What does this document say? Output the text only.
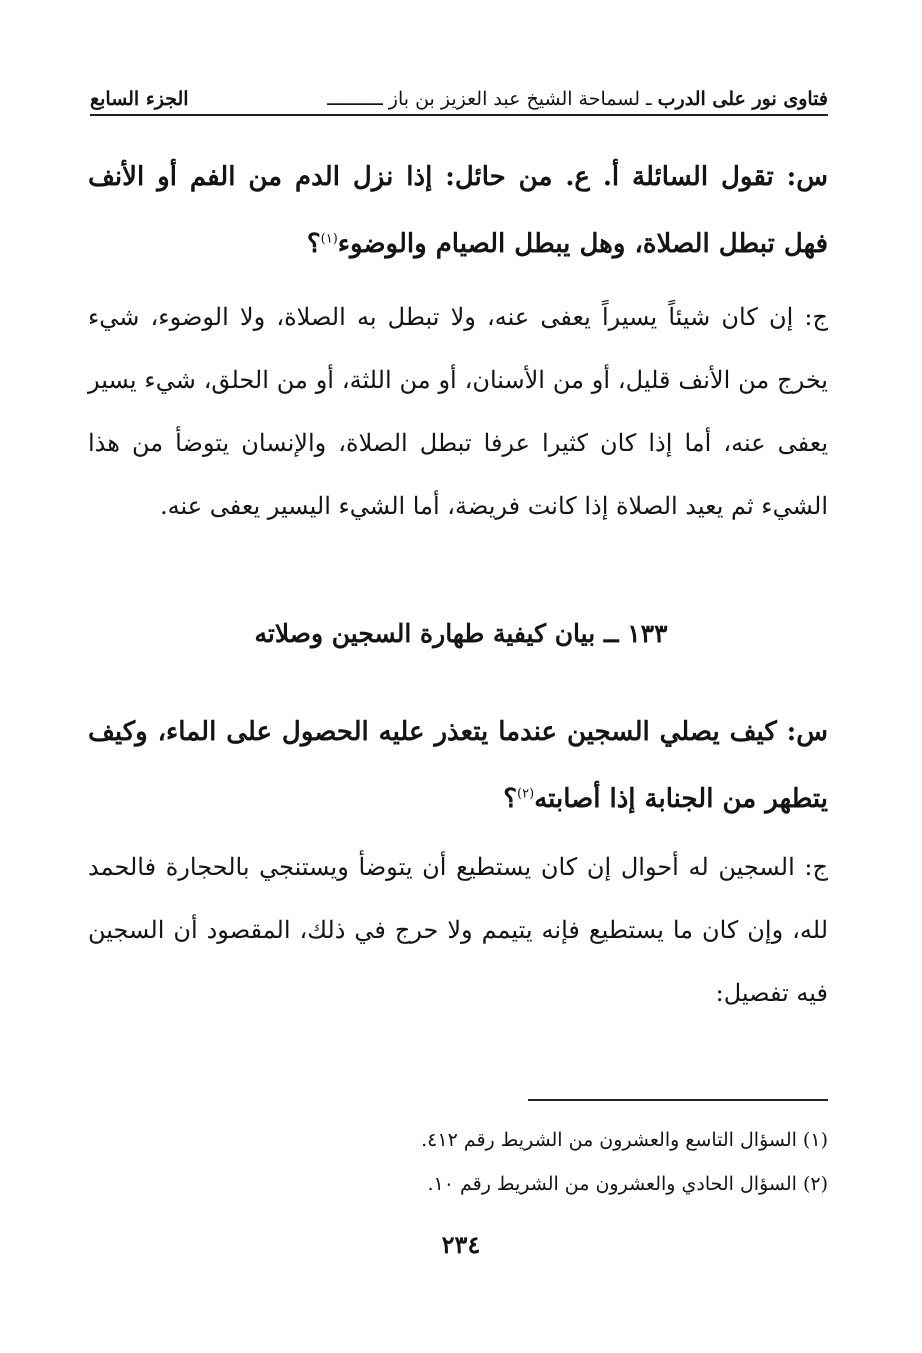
فتاوى نور على الدرب ـ لسماحة الشيخ عبد العزيز بن باز ــــــــــ
الجزء السابع
س: تقول السائلة أ. ع. من حائل: إذا نزل الدم من الفم أو الأنف فهل تبطل الصلاة، وهل يبطل الصيام والوضوء$^{(١)}$؟
ج: إن كان شيئاً يسيراً يعفى عنه، ولا تبطل به الصلاة، ولا الوضوء، شيء يخرج من الأنف قليل، أو من الأسنان، أو من اللثة، أو من الحلق، شيء يسير يعفى عنه، أما إذا كان كثيرا عرفا تبطل الصلاة، والإنسان يتوضأ من هذا الشيء ثم يعيد الصلاة إذا كانت فريضة، أما الشيء اليسير يعفى عنه.
١٣٣ ــ بيان كيفية طهارة السجين وصلاته
س: كيف يصلي السجين عندما يتعذر عليه الحصول على الماء، وكيف يتطهر من الجنابة إذا أصابته$^{(٢)}$؟
ج: السجين له أحوال إن كان يستطيع أن يتوضأ ويستنجي بالحجارة فالحمد لله، وإن كان ما يستطيع فإنه يتيمم ولا حرج في ذلك، المقصود أن السجين فيه تفصيل:
(١) السؤال التاسع والعشرون من الشريط رقم ٤١٢.
(٢) السؤال الحادي والعشرون من الشريط رقم ١٠.
٢٣٤
